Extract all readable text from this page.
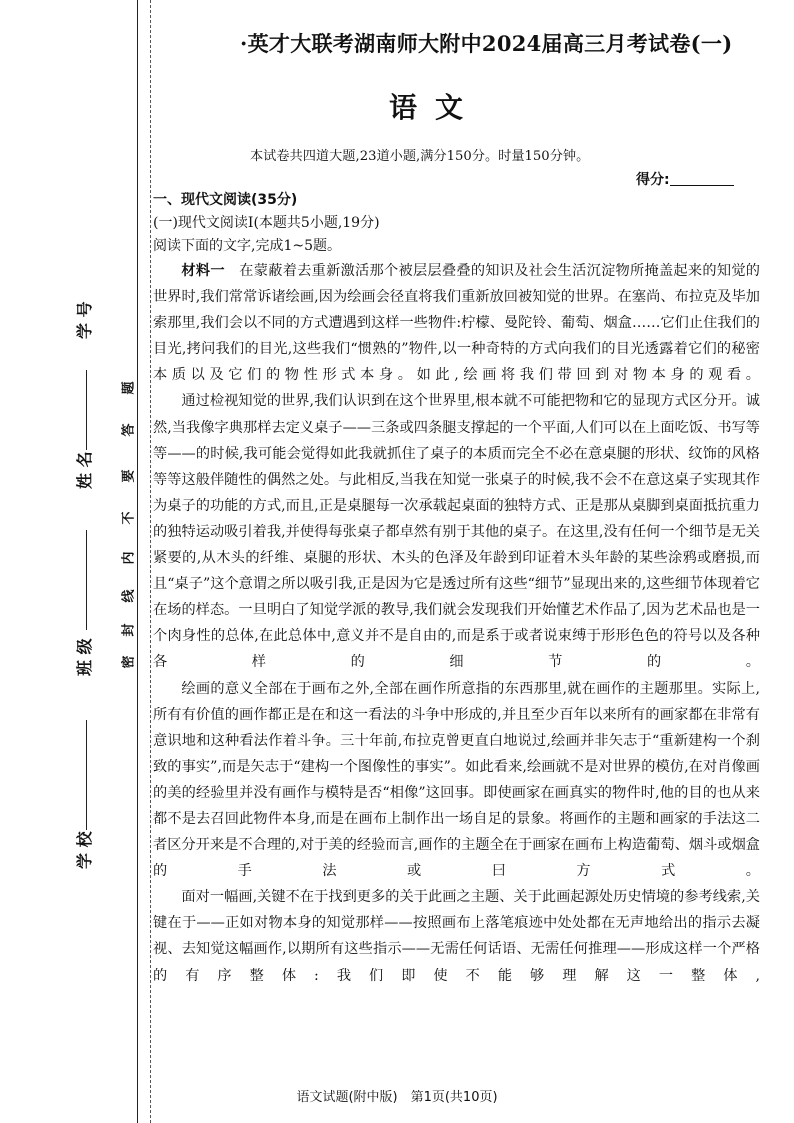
学 校
班 级
姓 名
学 号
密
封
线
内
不
要
答
题
·英才大联考湖南师大附中2024届高三月考试卷(一)
语文
本试卷共四道大题,23道小题,满分150分。时量150分钟。
得分:
一、现代文阅读(35分)
(一)现代文阅读Ⅰ(本题共5小题,19分)
阅读下面的文字,完成1~5题。

材料一　在蒙蔽着去重新激活那个被层层叠叠的知识及社会生活沉淀物所掩盖起来的知觉的世界时,我们常常诉诸绘画,因为绘画会径直将我们重新放回被知觉的世界。在塞尚、布拉克及毕加索那里,我们会以不同的方式遭遇到这样一些物件:柠檬、曼陀铃、葡萄、烟盒……它们止住我们的目光,拷问我们的目光,这些我们“惯熟的”物件,以一种奇特的方式向我们的目光透露着它们的秘密本质以及它们的物性形式本身。如此,绘画将我们带回到对物本身的观看。

通过检视知觉的世界,我们认识到在这个世界里,根本就不可能把物和它的显现方式区分开。诚然,当我像字典那样去定义桌子——三条或四条腿支撑起的一个平面,人们可以在上面吃饭、书写等等——的时候,我可能会觉得如此我就抓住了桌子的本质而完全不必在意桌腿的形状、纹饰的风格等等这般伴随性的偶然之处。与此相反,当我在知觉一张桌子的时候,我不会不在意这桌子实现其作为桌子的功能的方式,而且,正是桌腿每一次承载起桌面的独特方式、正是那从桌脚到桌面抵抗重力的独特运动吸引着我,并使得每张桌子都卓然有别于其他的桌子。在这里,没有任何一个细节是无关紧要的,从木头的纤维、桌腿的形状、木头的色泽及年龄到印证着木头年龄的某些涂鸦或磨损,而且“桌子”这个意谓之所以吸引我,正是因为它是透过所有这些“细节”显现出来的,这些细节体现着它在场的样态。一旦明白了知觉学派的教导,我们就会发现我们开始懂艺术作品了,因为艺术品也是一个肉身性的总体,在此总体中,意义并不是自由的,而是系于或者说束缚于形形色色的符号以及各种各样的细节的。

绘画的意义全部在于画布之外,全部在画作所意指的东西那里,就在画作的主题那里。实际上,所有有价值的画作都正是在和这一看法的斗争中形成的,并且至少百年以来所有的画家都在非常有意识地和这种看法作着斗争。三十年前,布拉克曾更直白地说过,绘画并非矢志于“重新建构一个刹致的事实”,而是矢志于“建构一个图像性的事实”。如此看来,绘画就不是对世界的模仿,在对肖像画的美的经验里并没有画作与模特是否“相像”这回事。即使画家在画真实的物件时,他的目的也从来都不是去召回此物件本身,而是在画布上制作出一场自足的景象。将画作的主题和画家的手法这二者区分开来是不合理的,对于美的经验而言,画作的主题全在于画家在画布上构造葡萄、烟斗或烟盒的手法或曰方式。

面对一幅画,关键不在于找到更多的关于此画之主题、关于此画起源处历史情境的参考线索,关键在于——正如对物本身的知觉那样——按照画布上落笔痕迹中处处都在无声地给出的指示去凝视、去知觉这幅画作,以期所有这些指示——无需任何话语、无需任何推理——形成这样一个严格的有序整体:我们即使不能够理解这一整体,

语文试题(附中版)　第1页(共10页)
